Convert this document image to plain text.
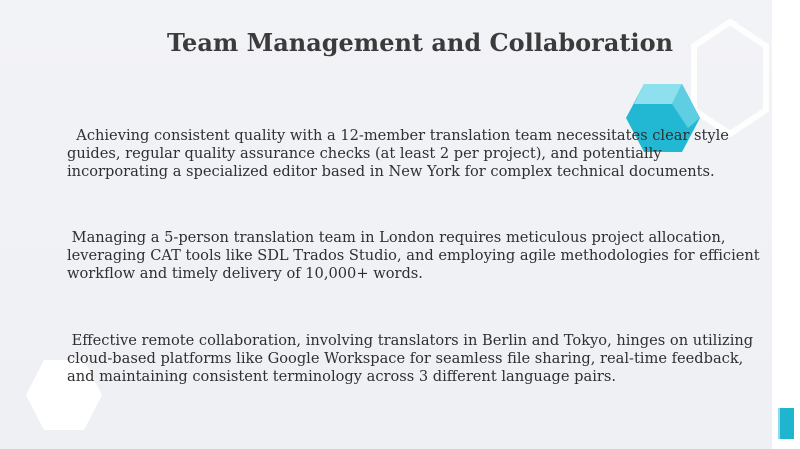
Team Management and Collaboration

Achieving consistent quality with a 12-member translation team necessitates clear style guides, regular quality assurance checks (at least 2 per project), and potentially incorporating a specialized editor based in New York for complex technical documents.

Managing a 5-person translation team in London requires meticulous project allocation, leveraging CAT tools like SDL Trados Studio, and employing agile methodologies for efficient workflow and timely delivery of 10,000+ words.

Effective remote collaboration, involving translators in Berlin and Tokyo, hinges on utilizing cloud-based platforms like Google Workspace for seamless file sharing, real-time feedback, and maintaining consistent terminology across 3 different language pairs.
